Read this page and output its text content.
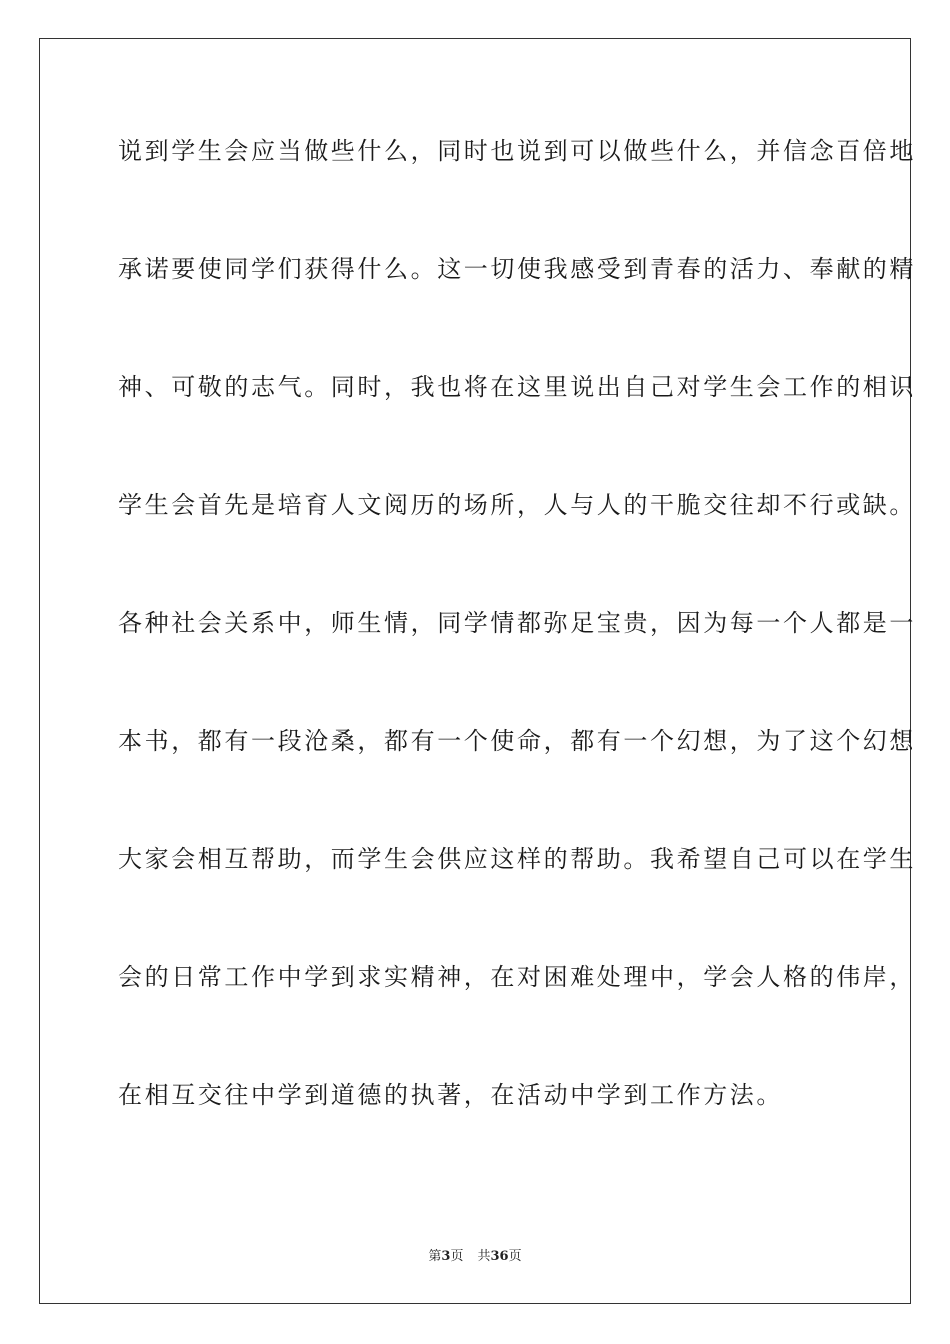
说到学生会应当做些什么，同时也说到可以做些什么，并信念百倍地
承诺要使同学们获得什么。这一切使我感受到青春的活力、奉献的精
神、可敬的志气。同时，我也将在这里说出自己对学生会工作的相识
学生会首先是培育人文阅历的场所，人与人的干脆交往却不行或缺。
各种社会关系中，师生情，同学情都弥足宝贵，因为每一个人都是一
本书，都有一段沧桑，都有一个使命，都有一个幻想，为了这个幻想
大家会相互帮助，而学生会供应这样的帮助。我希望自己可以在学生
会的日常工作中学到求实精神，在对困难处理中，学会人格的伟岸，
在相互交往中学到道德的执著，在活动中学到工作方法。
第3页 共36页
